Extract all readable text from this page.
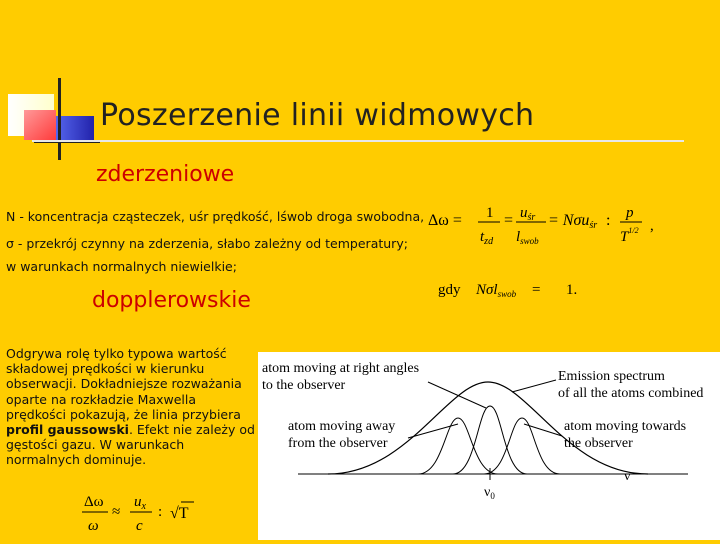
Poszerzenie linii widmowych
zderzeniowe
N - koncentracja cząsteczek, uśr prędkość, lśwob droga swobodna,
σ - przekrój czynny na zderzenia, słabo zależny od temperatury;
w warunkach normalnych niewielkie;
dopplerowskie
Odgrywa rolę tylko typowa wartość składowej prędkości w kierunku obserwacji. Dokładniejsze rozważania oparte na rozkładzie Maxwella prędkości pokazują, że linia przybiera profil gaussowski. Efekt nie zależy od gęstości gazu. W warunkach normalnych dominuje.
Δω = 1
$t_{zd}$
= $u_{śr}$
$l_{swob}$
= Nσuśr : p
$T^{1/2}$ ,
gdy Nσl$_{swob}$ = 1.
Δω
ω
≈
$u_x$
c
: √T
atom moving at right angles
to the observer
Emission spectrum
of all the atoms combined
atom moving away
from the observer
atom moving towards
the observer
$\nu_0$
ν
